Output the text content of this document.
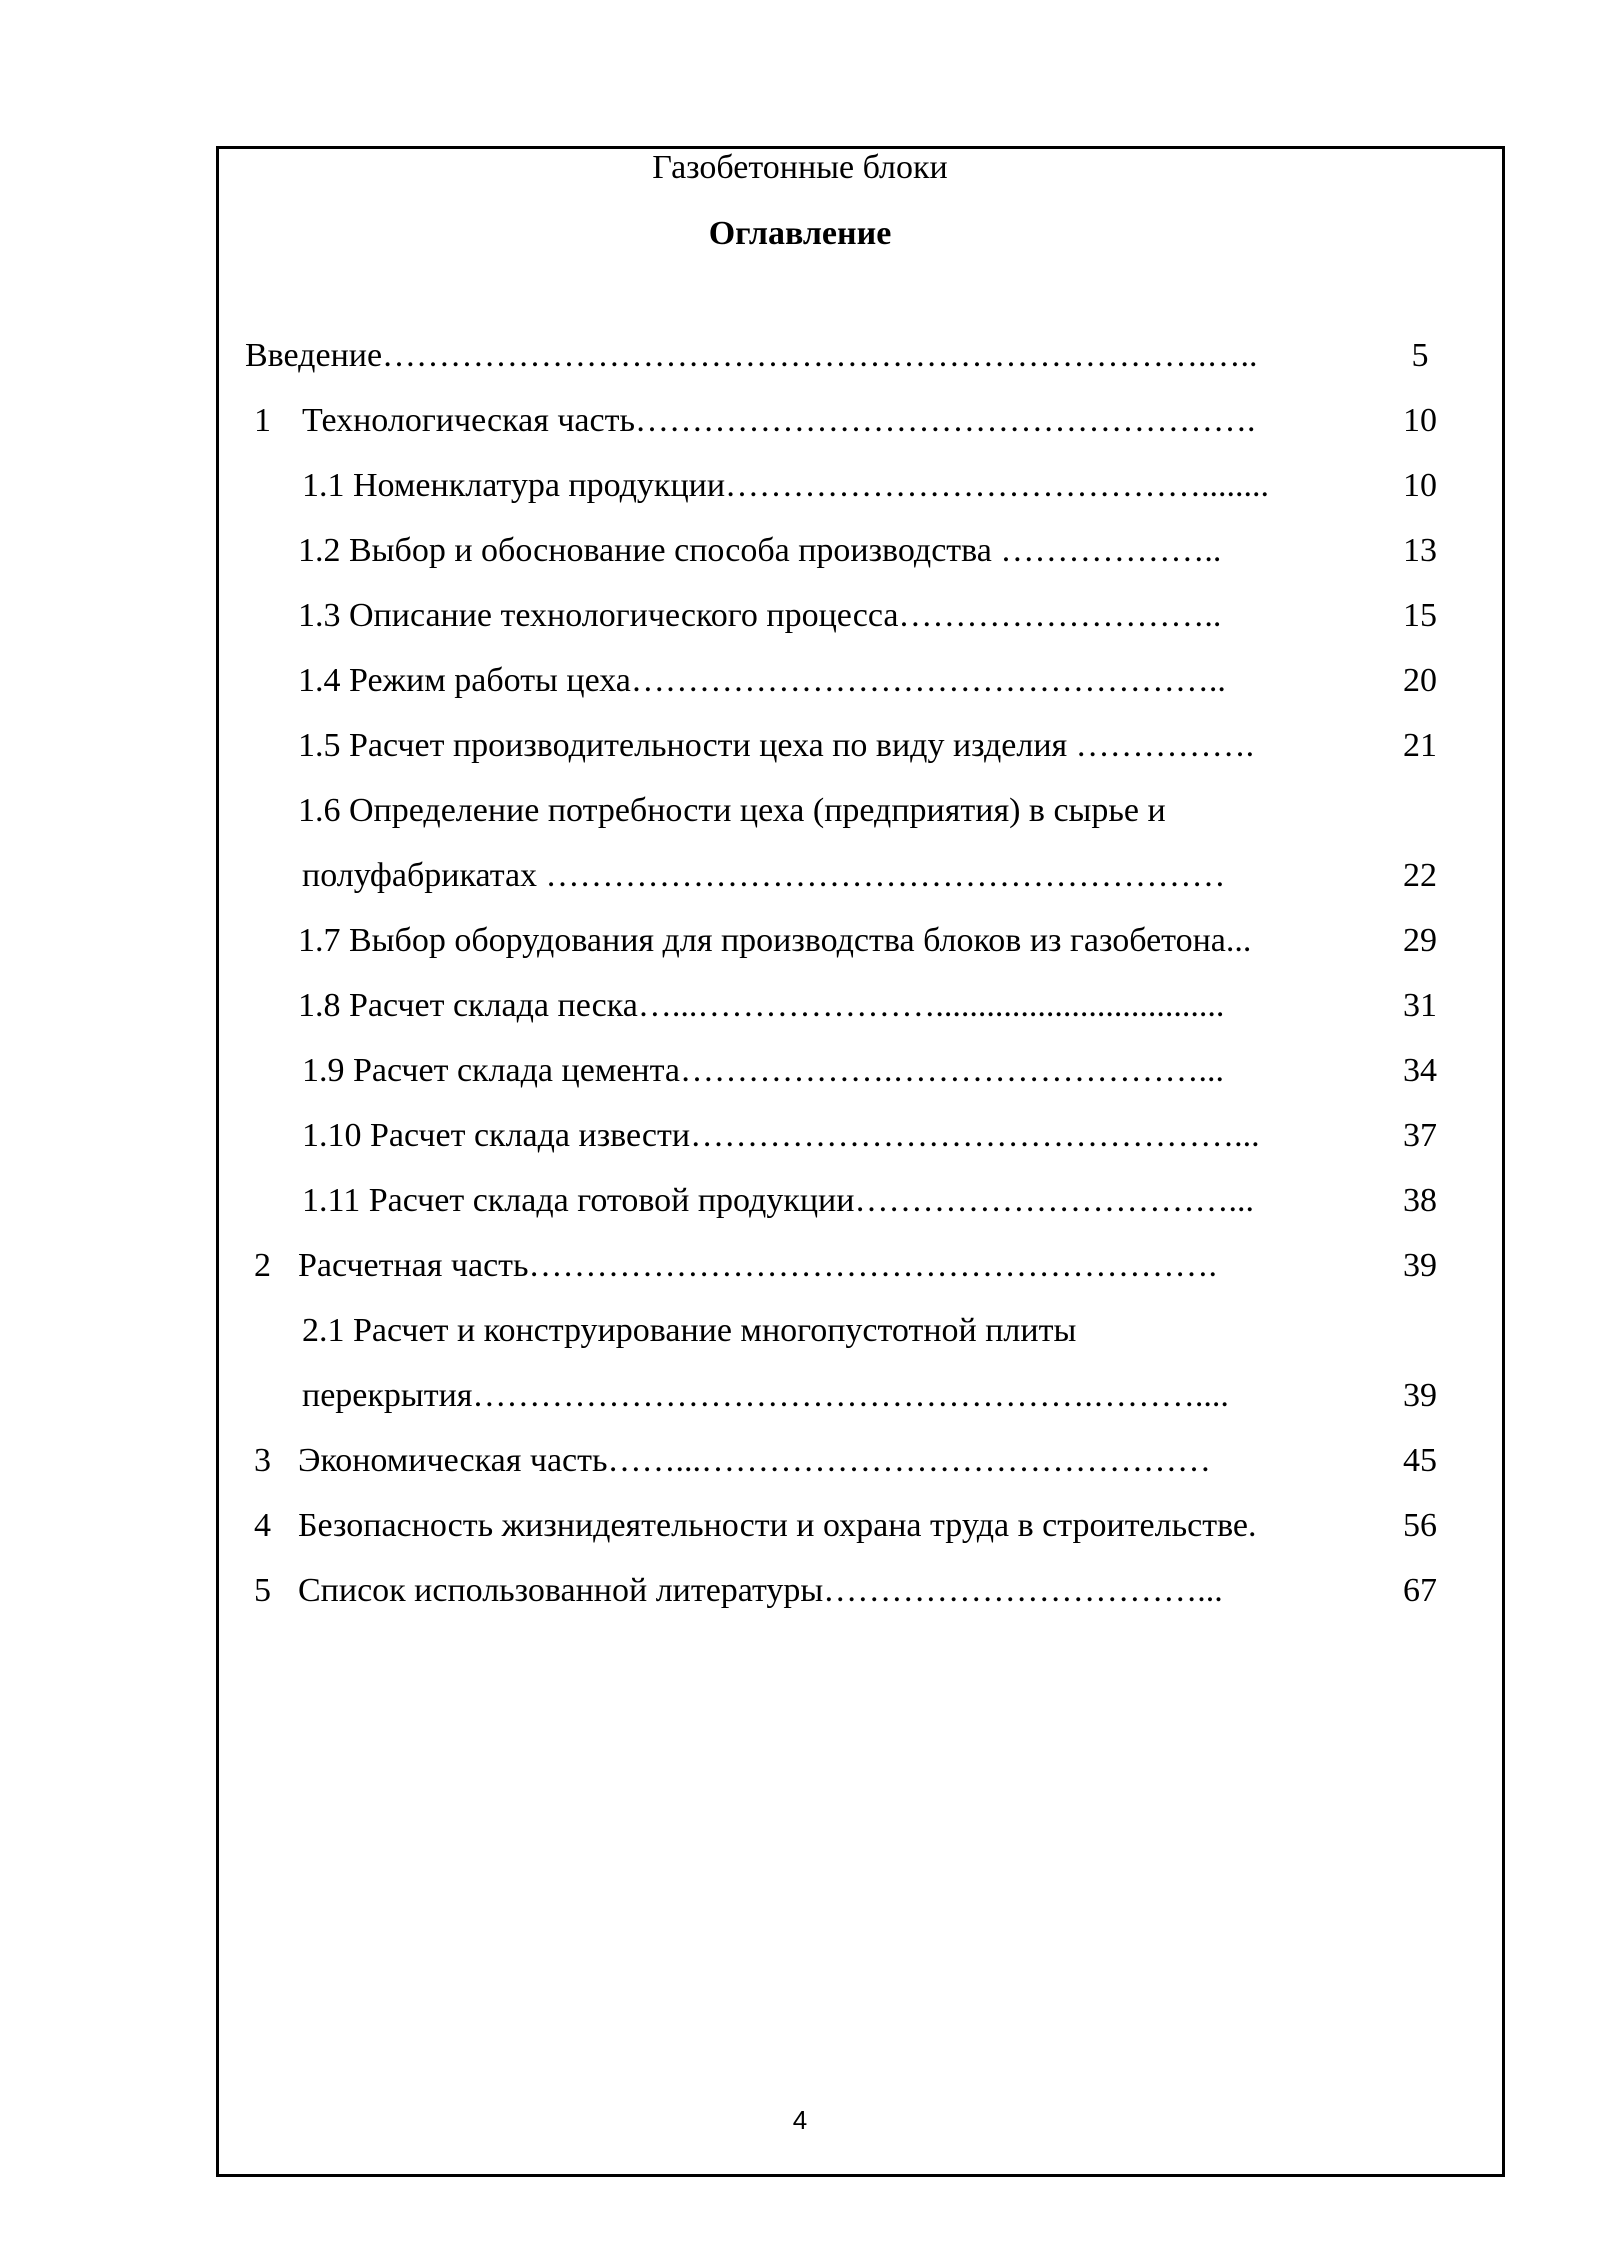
Газобетонные блоки
Оглавление
Введение……………………………………………………………….…..	5
1 Технологическая часть……………………………………………….	10
1.1 Номенклатура продукции……………………………………........	10
1.2 Выбор и обоснование способа производства ………………..	13
1.3 Описание технологического процесса………………………..	15
1.4 Режим работы цеха……………………………………………..	20
1.5 Расчет производительности цеха по виду изделия …………….	21
1.6 Определение потребности цеха (предприятия) в сырье и
полуфабрикатах ……………………………………………………	22
1.7 Выбор оборудования для производства блоков из газобетона...	29
1.8 Расчет склада песка…...…………………..................................	31
1.9 Расчет склада цемента……………….………………………...	34
1.10 Расчет склада извести…………………………………………...	37
1.11 Расчет склада готовой продукции……………………………...	38
2 Расчетная часть…………………………………………………….	39
2.1 Расчет и конструирование многопустотной плиты
перекрытия……………………………………………….………....	39
3 Экономическая часть……...………………………………………	45
4 Безопасность жизнидеятельности и охрана труда в строительстве.	56
5 Список использованной литературы……………………………...	67
4
